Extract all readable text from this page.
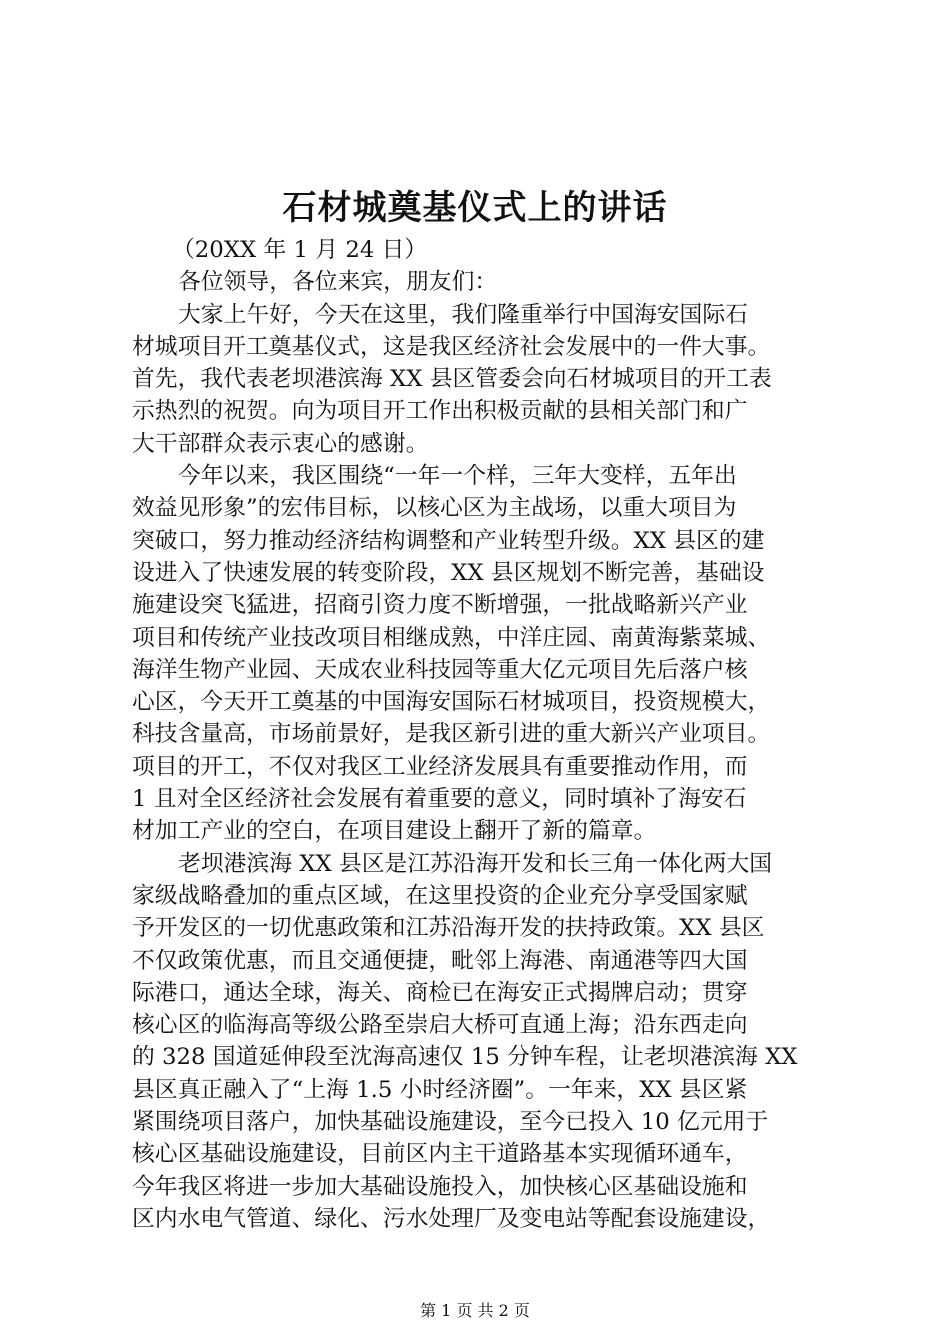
石材城奠基仪式上的讲话
（20XX 年 1 月 24 日）
各位领导，各位来宾，朋友们：
大家上午好，今天在这里，我们隆重举行中国海安国际石
材城项目开工奠基仪式，这是我区经济社会发展中的一件大事。
首先，我代表老坝港滨海 XX 县区管委会向石材城项目的开工表
示热烈的祝贺。向为项目开工作出积极贡献的县相关部门和广
大干部群众表示衷心的感谢。
今年以来，我区围绕“一年一个样，三年大变样，五年出
效益见形象”的宏伟目标，以核心区为主战场，以重大项目为
突破口，努力推动经济结构调整和产业转型升级。XX 县区的建
设进入了快速发展的转变阶段，XX 县区规划不断完善，基础设
施建设突飞猛进，招商引资力度不断增强，一批战略新兴产业
项目和传统产业技改项目相继成熟，中洋庄园、南黄海紫菜城、
海洋生物产业园、天成农业科技园等重大亿元项目先后落户核
心区，今天开工奠基的中国海安国际石材城项目，投资规模大，
科技含量高，市场前景好，是我区新引进的重大新兴产业项目。
项目的开工，不仅对我区工业经济发展具有重要推动作用，而
1 且对全区经济社会发展有着重要的意义，同时填补了海安石
材加工产业的空白，在项目建设上翻开了新的篇章。
老坝港滨海 XX 县区是江苏沿海开发和长三角一体化两大国
家级战略叠加的重点区域，在这里投资的企业充分享受国家赋
予开发区的一切优惠政策和江苏沿海开发的扶持政策。XX 县区
不仅政策优惠，而且交通便捷，毗邻上海港、南通港等四大国
际港口，通达全球，海关、商检已在海安正式揭牌启动；贯穿
核心区的临海高等级公路至崇启大桥可直通上海；沿东西走向
的 328 国道延伸段至沈海高速仅 15 分钟车程，让老坝港滨海 XX
县区真正融入了“上海 1.5 小时经济圈”。一年来，XX 县区紧
紧围绕项目落户，加快基础设施建设，至今已投入 10 亿元用于
核心区基础设施建设，目前区内主干道路基本实现循环通车，
今年我区将进一步加大基础设施投入，加快核心区基础设施和
区内水电气管道、绿化、污水处理厂及变电站等配套设施建设，
第 1 页 共 2 页
